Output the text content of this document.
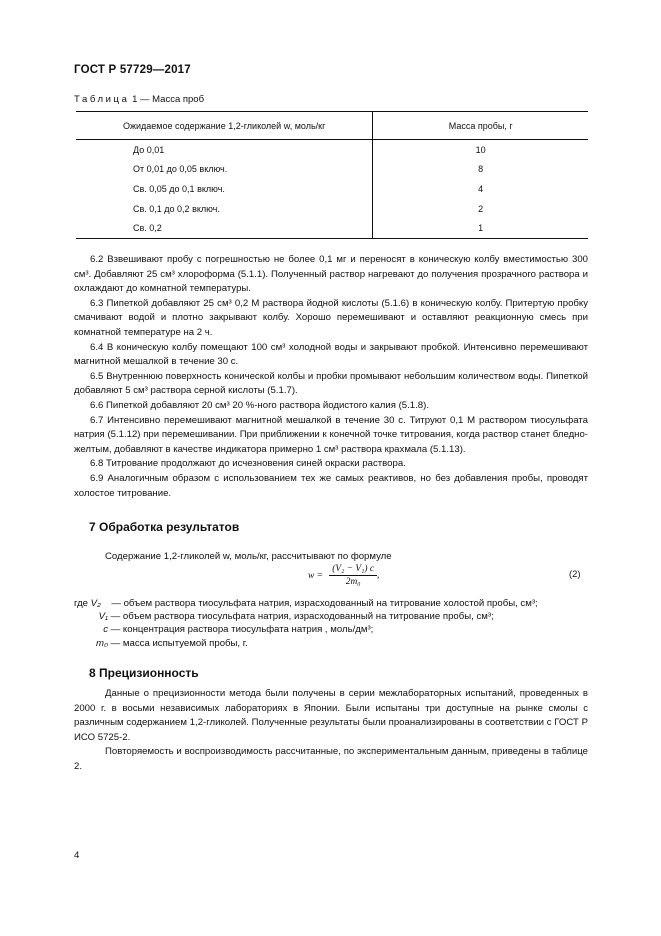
ГОСТ Р 57729—2017
Таблица 1 — Масса проб
Ожидаемое содержание 1,2-гликолей w, моль/кг	Масса пробы, г
До 0,01	10
От 0,01 до 0,05 включ.	8
Св. 0,05 до 0,1 включ.	4
Св. 0,1 до 0,2 включ.	2
Св. 0,2	1

6.2 Взвешивают пробу с погрешностью не более 0,1 мг и переносят в коническую колбу вместимостью 300 см³. Добавляют 25 см³ хлороформа (5.1.1). Полученный раствор нагревают до получения прозрачного раствора и охлаждают до комнатной температуры.

6.3 Пипеткой добавляют 25 см³ 0,2 М раствора йодной кислоты (5.1.6) в коническую колбу. Притертую пробку смачивают водой и плотно закрывают колбу. Хорошо перемешивают и оставляют реакционную смесь при комнатной температуре на 2 ч.

6.4 В коническую колбу помещают 100 см³ холодной воды и закрывают пробкой. Интенсивно перемешивают магнитной мешалкой в течение 30 с.

6.5 Внутреннюю поверхность конической колбы и пробки промывают небольшим количеством воды. Пипеткой добавляют 5 см³ раствора серной кислоты (5.1.7).

6.6 Пипеткой добавляют 20 см³ 20 %-ного раствора йодистого калия (5.1.8).

6.7 Интенсивно перемешивают магнитной мешалкой в течение 30 с. Титруют 0,1 М раствором тиосульфата натрия (5.1.12) при перемешивании. При приближении к конечной точке титрования, когда раствор станет бледно-желтым, добавляют в качестве индикатора примерно 1 см³ раствора крахмала (5.1.13).

6.8 Титрование продолжают до исчезновения синей окраски раствора.

6.9 Аналогичным образом с использованием тех же самых реактивов, но без добавления пробы, проводят холостое титрование.

7 Обработка результатов
Содержание 1,2-гликолей w, моль/кг, рассчитывают по формуле
$w = \frac{\text{(V₂ − V₁) c}}{\text{2m₀}}$ ,	(2)
где V₂ — объем раствора тиосульфата натрия, израсходованный на титрование холостой пробы, см³;
V₁ — объем раствора тиосульфата натрия, израсходованный на титрование пробы, см³;
c — концентрация раствора тиосульфата натрия , моль/дм³;
m₀ — масса испытуемой пробы, г.
8 Прецизионность

Данные о прецизионности метода были получены в серии межлабораторных испытаний, проведенных в 2000 г. в восьми независимых лабораториях в Японии. Были испытаны три доступные на рынке смолы с различным содержанием 1,2-гликолей. Полученные результаты были проанализированы в соответствии с ГОСТ Р ИСО 5725-2.

Повторяемость и воспроизводимость рассчитанные, по экспериментальным данным, приведены в таблице 2.

4
